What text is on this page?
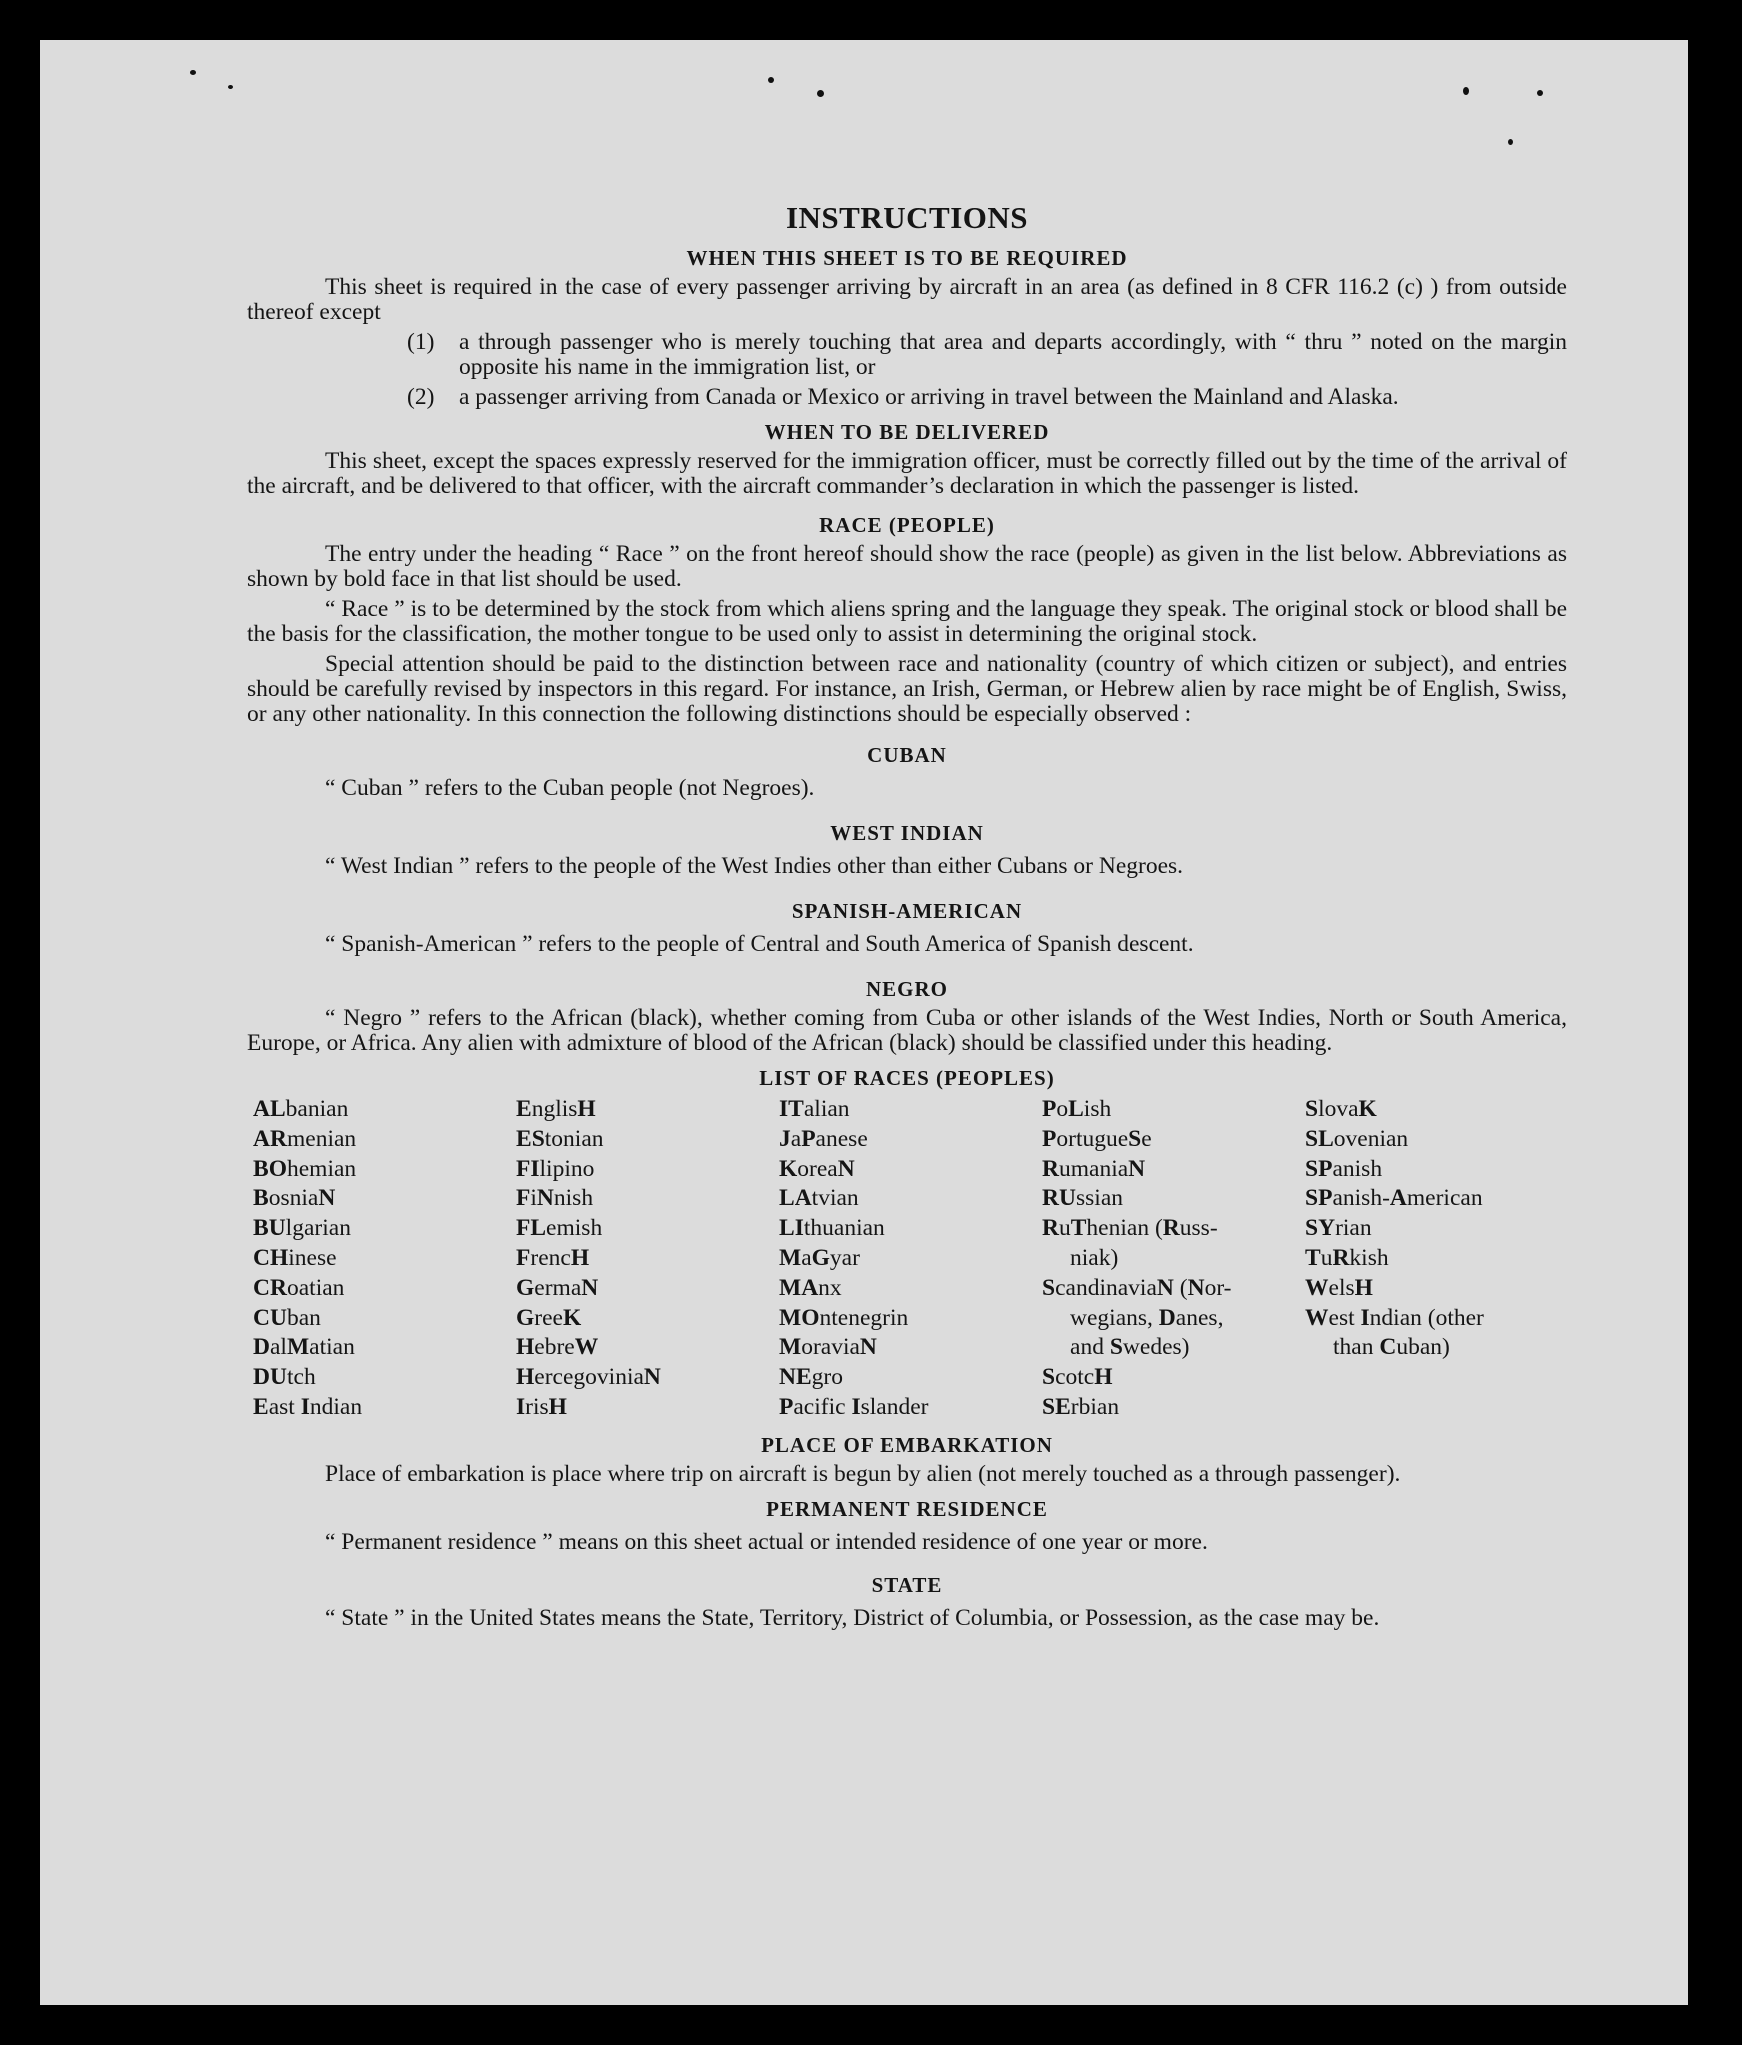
INSTRUCTIONS
WHEN THIS SHEET IS TO BE REQUIRED

This sheet is required in the case of every passenger arriving by aircraft in an area (as defined in 8 CFR 116.2 (c) ) from outside thereof except

(1)	a through passenger who is merely touching that area and departs accordingly, with “ thru ” noted on the margin opposite his name in the immigration list, or
(2)	a passenger arriving from Canada or Mexico or arriving in travel between the Mainland and Alaska.
WHEN TO BE DELIVERED

This sheet, except the spaces expressly reserved for the immigration officer, must be correctly filled out by the time of the arrival of the aircraft, and be delivered to that officer, with the aircraft commander’s declaration in which the passenger is listed.

RACE (PEOPLE)

The entry under the heading “ Race ” on the front hereof should show the race (people) as given in the list below. Abbreviations as shown by bold face in that list should be used.

“ Race ” is to be determined by the stock from which aliens spring and the language they speak. The original stock or blood shall be the basis for the classification, the mother tongue to be used only to assist in determining the original stock.

Special attention should be paid to the distinction between race and nationality (country of which citizen or subject), and entries should be carefully revised by inspectors in this regard. For instance, an Irish, German, or Hebrew alien by race might be of English, Swiss, or any other nationality. In this connection the following distinctions should be especially observed :

CUBAN

“ Cuban ” refers to the Cuban people (not Negroes).

WEST INDIAN

“ West Indian ” refers to the people of the West Indies other than either Cubans or Negroes.

SPANISH-AMERICAN

“ Spanish-American ” refers to the people of Central and South America of Spanish descent.

NEGRO

“ Negro ” refers to the African (black), whether coming from Cuba or other islands of the West Indies, North or South America, Europe, or Africa. Any alien with admixture of blood of the African (black) should be classified under this heading.

LIST OF RACES (PEOPLES)
ALbanian
ARmenian
BOhemian
BosniaN
BUlgarian
CHinese
CRoatian
CUban
DalMatian
DUtch
East Indian
EnglisH
EStonian
FIlipino
FiNnish
FLemish
FrencH
GermaN
GreeK
HebreW
HercegoviniaN
IrisH
ITalian
JaPanese
KoreaN
LAtvian
LIthuanian
MaGyar
MAnx
MOntenegrin
MoraviaN
NEgro
Pacific Islander
PoLish
PortugueSe
RumaniaN
RUssian
RuThenian (Russ-
niak)
ScandinaviaN (Nor-
wegians, Danes,
and Swedes)
ScotcH
SErbian
SlovaK
SLovenian
SPanish
SPanish-American
SYrian
TuRkish
WelsH
West Indian (other
than Cuban)
PLACE OF EMBARKATION

Place of embarkation is place where trip on aircraft is begun by alien (not merely touched as a through passenger).

PERMANENT RESIDENCE

“ Permanent residence ” means on this sheet actual or intended residence of one year or more.

STATE

“ State ” in the United States means the State, Territory, District of Columbia, or Possession, as the case may be.
